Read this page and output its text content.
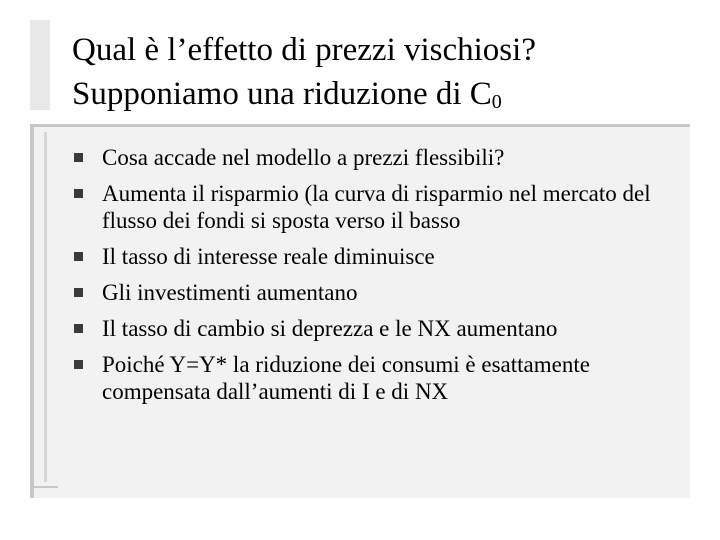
Qual è l’effetto di prezzi vischiosi?
Supponiamo una riduzione di $C_0$
Cosa accade nel modello a prezzi flessibili?
Aumenta il risparmio (la curva di risparmio nel mercato del flusso dei fondi si sposta verso il basso
Il tasso di interesse reale diminuisce
Gli investimenti aumentano
Il tasso di cambio si deprezza e le NX aumentano
Poiché Y=Y* la riduzione dei consumi è esattamente compensata dall’aumenti di I e di NX
